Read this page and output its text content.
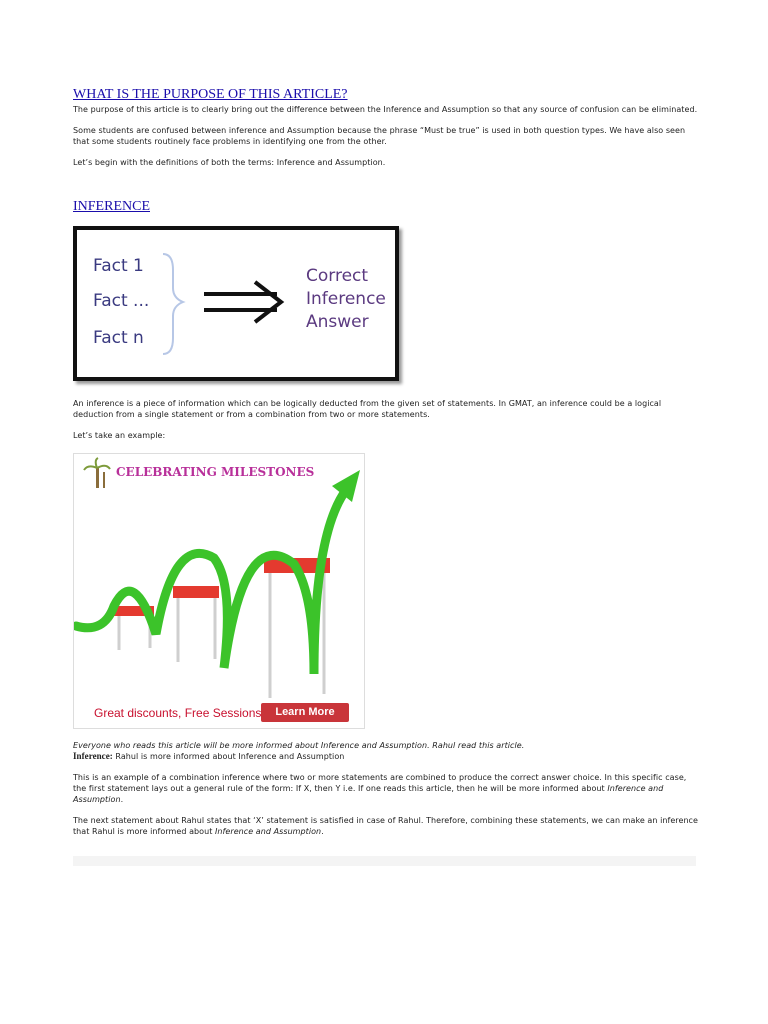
WHAT IS THE PURPOSE OF THIS ARTICLE?

The purpose of this article is to clearly bring out the difference between the Inference and Assumption so that any source of confusion can be eliminated.

Some students are confused between inference and Assumption because the phrase “Must be true” is used in both question types. We have also seen that some students routinely face problems in identifying one from the other.

Let’s begin with the definitions of both the terms: Inference and Assumption.

INFERENCE
Fact 1
Fact ...
Fact n
Correct
Inference
Answer

An inference is a piece of information which can be logically deducted from the given set of statements. In GMAT, an inference could be a logical deduction from a single statement or from a combination from two or more statements.

Let’s take an example:

CELEBRATING MILESTONES
Great discounts, Free Sessions	Learn More

Everyone who reads this article will be more informed about Inference and Assumption. Rahul read this article.

Inference: Rahul is more informed about Inference and Assumption

This is an example of a combination inference where two or more statements are combined to produce the correct answer choice. In this specific case, the first statement lays out a general rule of the form: If X, then Y i.e. If one reads this article, then he will be more informed about Inference and Assumption.

The next statement about Rahul states that ‘X’ statement is satisfied in case of Rahul. Therefore, combining these statements, we can make an inference that Rahul is more informed about Inference and Assumption.
